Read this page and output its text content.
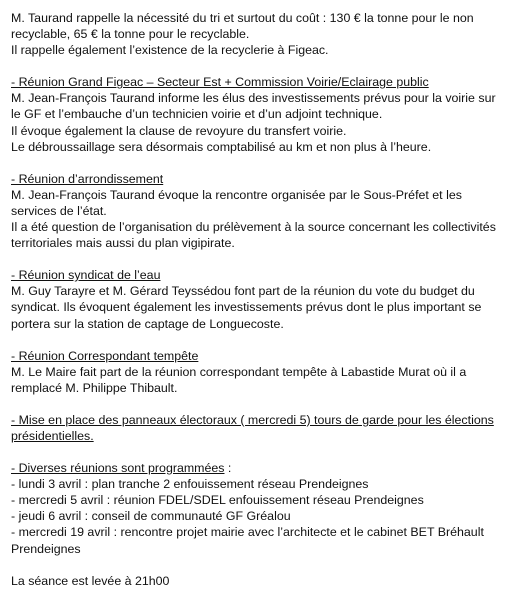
M. Taurand rappelle la nécessité du tri et surtout du coût : 130 € la tonne pour le non

recyclable, 65 € la tonne pour le recyclable.

Il rappelle également l’existence de la recyclerie à Figeac.

- Réunion Grand Figeac – Secteur Est + Commission Voirie/Eclairage public

M. Jean-François Taurand informe les élus des investissements prévus pour la voirie sur

le GF et l’embauche d’un technicien voirie et d’un adjoint technique.

Il évoque également la clause de revoyure du transfert voirie.

Le débroussaillage sera désormais comptabilisé au km et non plus à l’heure.

- Réunion d’arrondissement

M. Jean-François Taurand évoque la rencontre organisée par le Sous-Préfet et les

services de l’état.

Il a été question de l’organisation du prélèvement à la source concernant les collectivités

territoriales mais aussi du plan vigipirate.

- Réunion syndicat de l’eau

M. Guy Tarayre et M. Gérard Teyssédou font part de la réunion du vote du budget du

syndicat. Ils évoquent également les investissements prévus dont le plus important se

portera sur la station de captage de Longuecoste.

- Réunion Correspondant tempête

M. Le Maire fait part de la réunion correspondant tempête à Labastide Murat où il a

remplacé M. Philippe Thibault.

- Mise en place des panneaux électoraux ( mercredi 5) tours de garde pour les élections

présidentielles.

- Diverses réunions sont programmées :

- lundi 3 avril : plan tranche 2 enfouissement réseau Prendeignes

- mercredi 5 avril : réunion FDEL/SDEL enfouissement réseau Prendeignes

- jeudi 6 avril : conseil de communauté GF Gréalou

- mercredi 19 avril : rencontre projet mairie avec l’architecte et le cabinet BET Bréhault

Prendeignes

La séance est levée à 21h00
